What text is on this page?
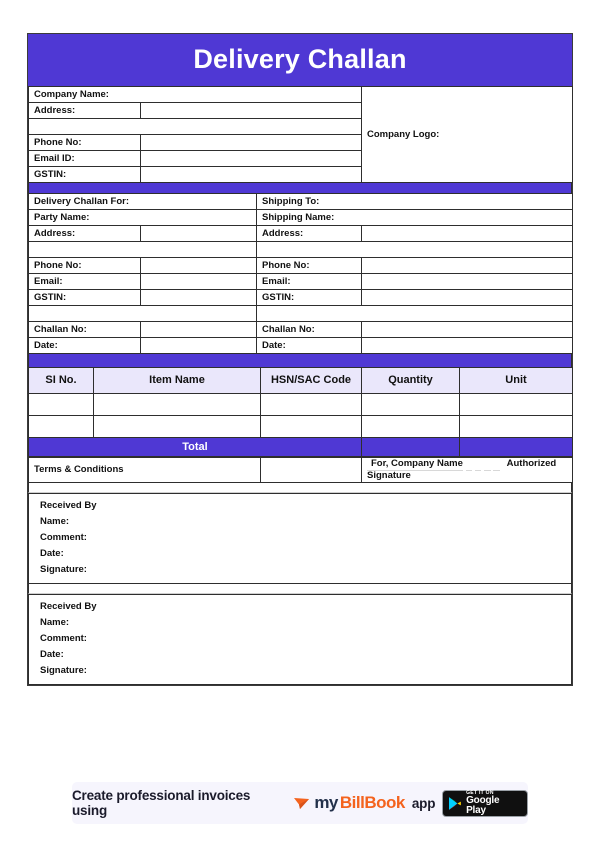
Delivery Challan
Company Name:		Company Logo:
Address:		

Phone No:		
Email ID:		
GSTIN:		
Delivery Challan For:		Shipping To:	
Party Name:		Shipping Name:	
Address:		Address:	

Phone No:		Phone No:	
Email:		Email:	
GSTIN:		GSTIN:	

Challan No:		Challan No:	
Date:		Date:	
SI No.	Item Name	HSN/SAC Code	Quantity	Unit

Total				
Terms & Conditions		
For, Company Name	Authorized Signature
Received By
Name:
Comment:
Date:
Signature:
Received By
Name:
Comment:
Date:
Signature:
Create professional invoices using	my BillBook app
GET IT ON
Google Play
